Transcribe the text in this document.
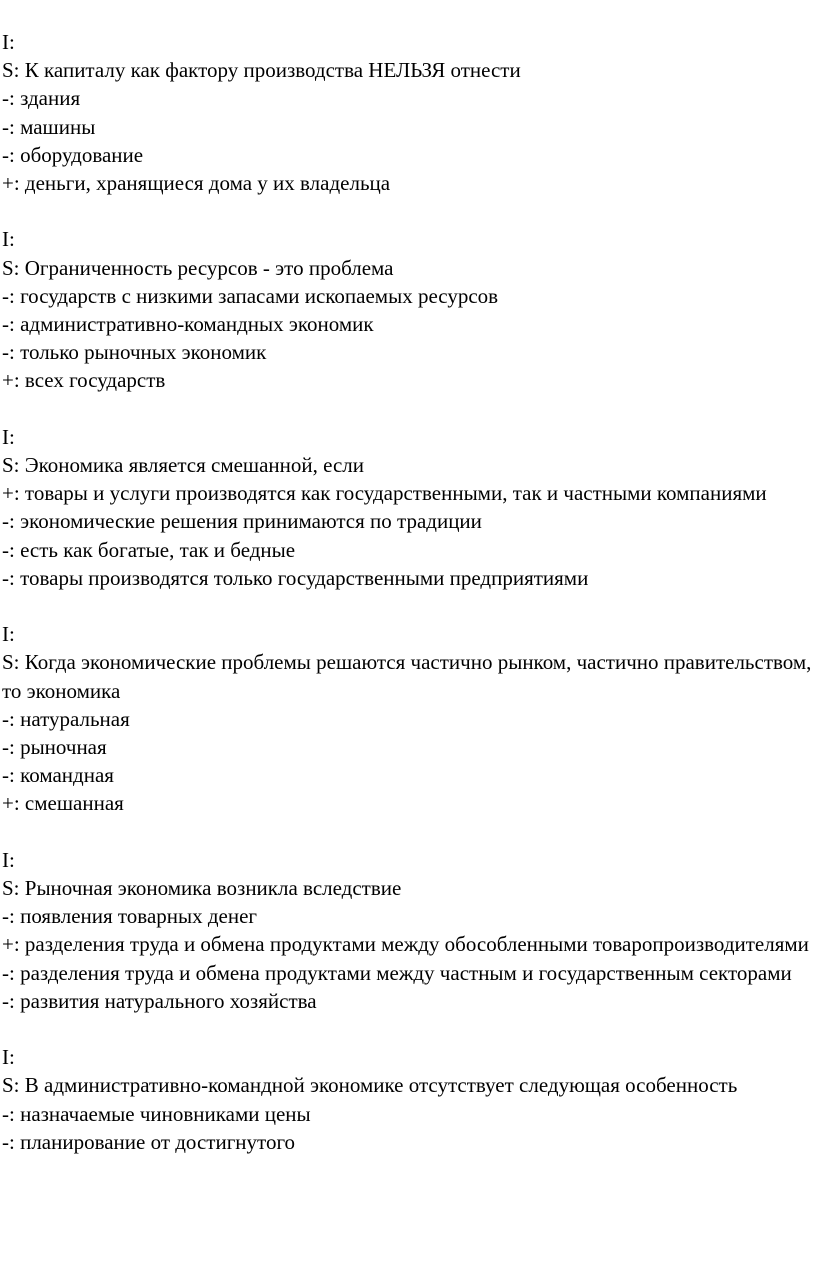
I:
S: К капиталу как фактору производства НЕЛЬЗЯ отнести
-: здания
-: машины
-: оборудование
+: деньги, хранящиеся дома у их владельца
I:
S: Ограниченность ресурсов - это проблема
-: государств с низкими запасами ископаемых ресурсов
-: административно-командных экономик
-: только рыночных экономик
+: всех государств
I:
S: Экономика является смешанной, если
+: товары и услуги производятся как государственными, так и частными компаниями
-: экономические решения принимаются по традиции
-: есть как богатые, так и бедные
-: товары производятся только государственными предприятиями
I:
S: Когда экономические проблемы решаются частично рынком, частично правительством, то экономика
-: натуральная
-: рыночная
-: командная
+: смешанная
I:
S: Рыночная экономика возникла вследствие
-: появления товарных денег
+: разделения труда и обмена продуктами между обособленными товаропроизводителями
-: разделения труда и обмена продуктами между частным и государственным секторами
-: развития натурального хозяйства
I:
S: В административно-командной экономике отсутствует следующая особенность
-: назначаемые чиновниками цены
-: планирование от достигнутого
